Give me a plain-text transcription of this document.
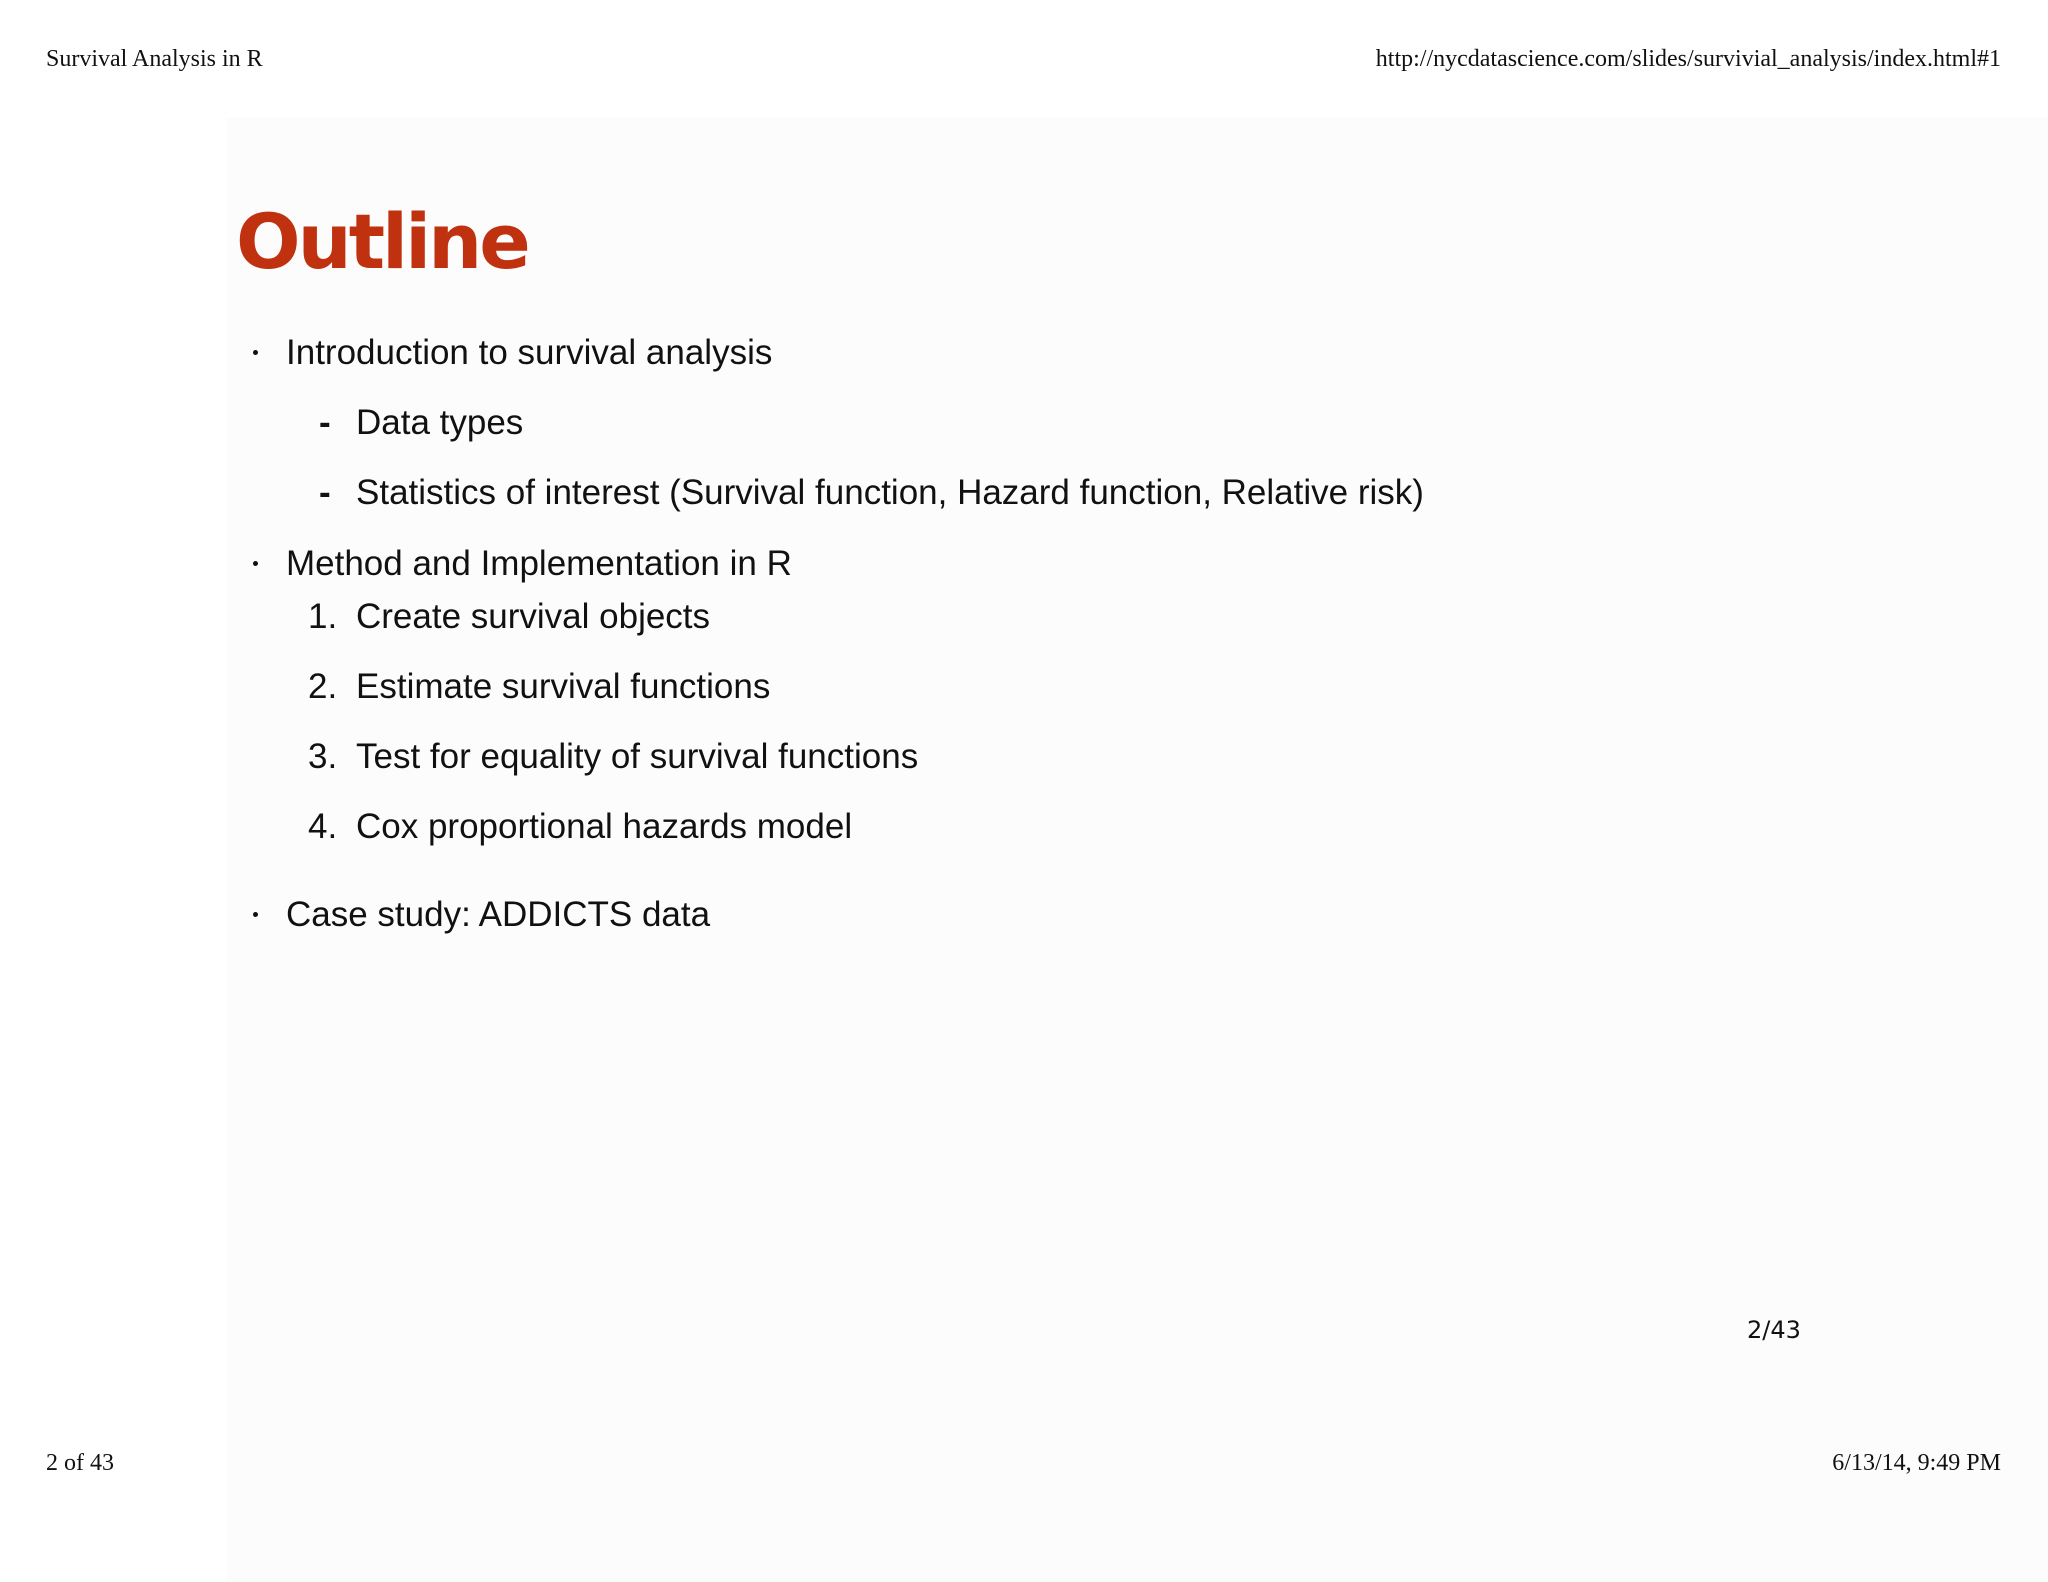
Survival Analysis in R	http://nycdatascience.com/slides/survivial_analysis/index.html#1
Outline
Introduction to survival analysis
- Data types
- Statistics of interest (Survival function, Hazard function, Relative risk)
Method and Implementation in R
1. Create survival objects
2. Estimate survival functions
3. Test for equality of survival functions
4. Cox proportional hazards model
Case study: ADDICTS data
2/43
2 of 43	6/13/14, 9:49 PM
